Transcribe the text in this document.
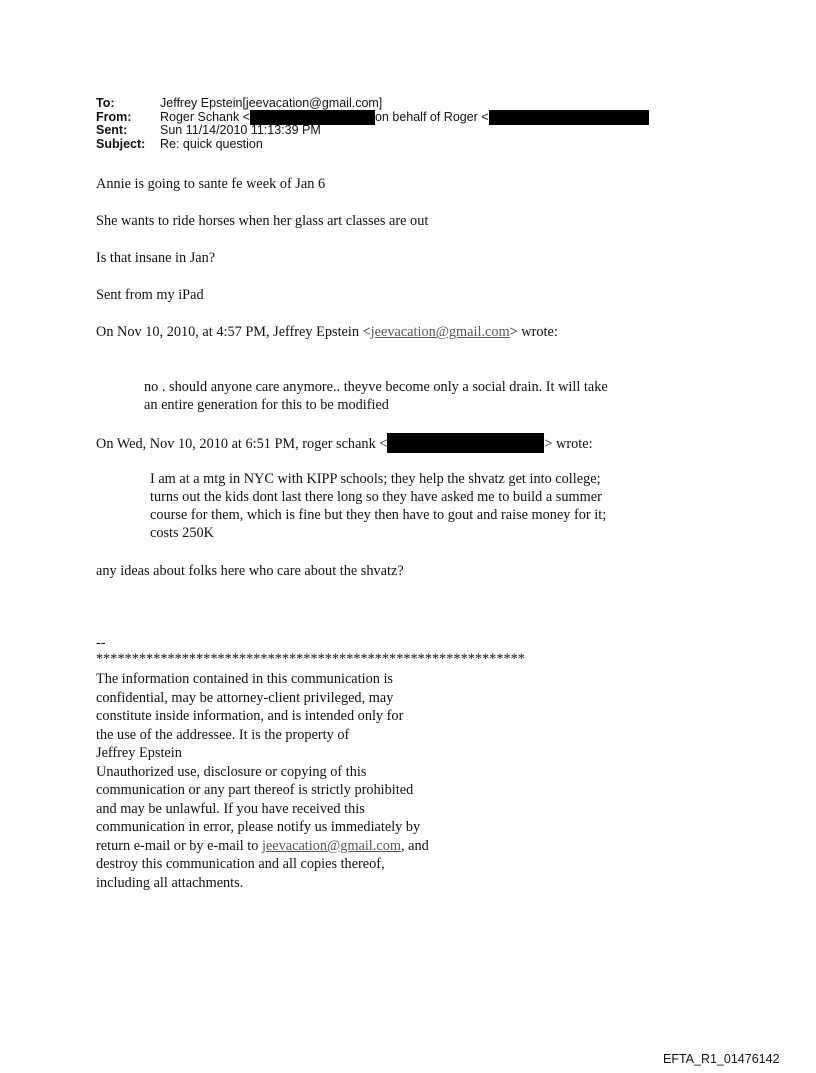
To:	Jeffrey Epstein[jeevacation@gmail.com]
From:	Roger Schank <	on behalf of Roger <
Sent:	Sun 11/14/2010 11:13:39 PM
Subject:	Re: quick question
Annie is going to sante fe week of Jan 6
She wants to ride horses when her glass art classes are out
Is that insane in Jan?
Sent from my iPad
On Nov 10, 2010, at 4:57 PM, Jeffrey Epstein <jeevacation@gmail.com> wrote:
no . should anyone care anymore.. theyve become only a social drain. It will take
an entire generation for this to be modified
On Wed, Nov 10, 2010 at 6:51 PM, roger schank <	> wrote:
I am at a mtg in NYC with KIPP schools; they help the shvatz get into college;
turns out the kids dont last there long so they have asked me to build a summer
course for them, which is fine but they then have to gout and raise money for it;
costs 250K
any ideas about folks here who care about the shvatz?
--
************************************************************
The information contained in this communication is
confidential, may be attorney-client privileged, may
constitute inside information, and is intended only for
the use of the addressee. It is the property of
Jeffrey Epstein
Unauthorized use, disclosure or copying of this
communication or any part thereof is strictly prohibited
and may be unlawful. If you have received this
communication in error, please notify us immediately by
return e-mail or by e-mail to jeevacation@gmail.com, and
destroy this communication and all copies thereof,
including all attachments.
EFTA_R1_01476142
